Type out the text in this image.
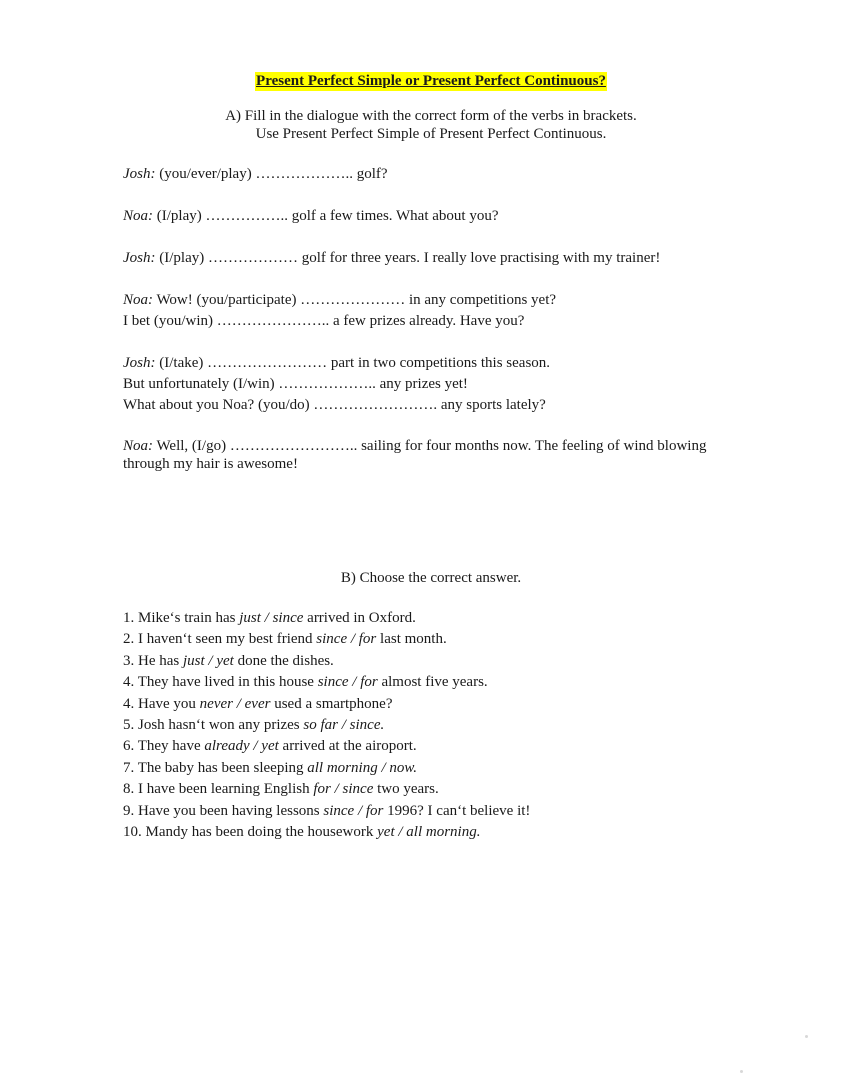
Present Perfect Simple or Present Perfect Continuous?
A) Fill in the dialogue with the correct form of the verbs in brackets.
Use Present Perfect Simple of Present Perfect Continuous.
Josh: (you/ever/play) ……………….. golf?
Noa: (I/play) …………….. golf a few times. What about you?
Josh: (I/play) ……………… golf for three years. I really love practising with my trainer!
Noa: Wow! (you/participate) ………………… in any competitions yet?
I bet (you/win) ………………….. a few prizes already. Have you?
Josh: (I/take) …………………… part in two competitions this season.
But unfortunately (I/win) ……………….. any prizes yet!
What about you Noa? (you/do) ……………………. any sports lately?
Noa: Well, (I/go) …………………….. sailing for four months now. The feeling of wind blowing through my hair is awesome!
B) Choose the correct answer.
1. Mike‘s train has just / since arrived in Oxford.
2. I haven‘t seen my best friend since / for last month.
3. He has just / yet done the dishes.
4. They have lived in this house since / for almost five years.
4. Have you never / ever used a smartphone?
5. Josh hasn‘t won any prizes so far / since.
6. They have already / yet arrived at the airoport.
7. The baby has been sleeping all morning / now.
8. I have been learning English for / since two years.
9. Have you been having lessons since / for 1996? I can‘t believe it!
10. Mandy has been doing the housework yet / all morning.
